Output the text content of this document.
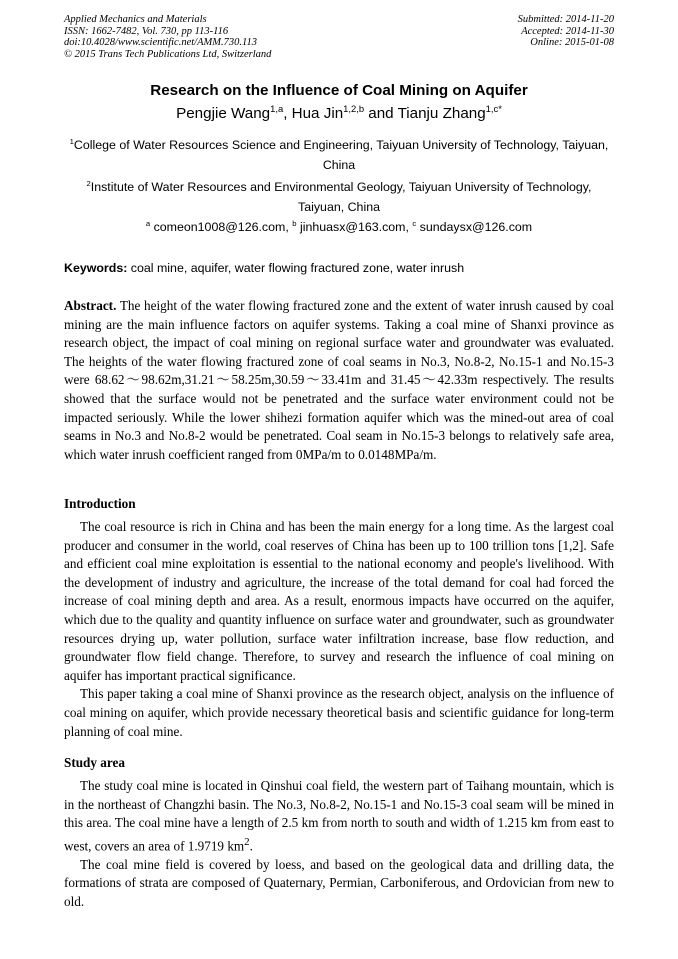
Applied Mechanics and Materials
ISSN: 1662-7482, Vol. 730, pp 113-116
doi:10.4028/www.scientific.net/AMM.730.113
© 2015 Trans Tech Publications Ltd, Switzerland
Submitted: 2014-11-20
Accepted: 2014-11-30
Online: 2015-01-08
Research on the Influence of Coal Mining on Aquifer
Pengjie Wang$^{1,a}$, Hua Jin$^{1,2,b}$ and Tianju Zhang$^{1,c*}$
$^1$College of Water Resources Science and Engineering, Taiyuan University of Technology, Taiyuan, China
$^2$Institute of Water Resources and Environmental Geology, Taiyuan University of Technology, Taiyuan, China
$^a$ comeon1008@126.com, $^b$ jinhuasx@163.com, $^c$ sundaysx@126.com
Keywords: coal mine, aquifer, water flowing fractured zone, water inrush
Abstract. The height of the water flowing fractured zone and the extent of water inrush caused by coal mining are the main influence factors on aquifer systems. Taking a coal mine of Shanxi province as research object, the impact of coal mining on regional surface water and groundwater was evaluated. The heights of the water flowing fractured zone of coal seams in No.3, No.8-2, No.15-1 and No.15-3 were 68.62～98.62m,31.21～58.25m,30.59～33.41m and 31.45～42.33m respectively. The results showed that the surface would not be penetrated and the surface water environment could not be impacted seriously. While the lower shihezi formation aquifer which was the mined-out area of coal seams in No.3 and No.8-2 would be penetrated. Coal seam in No.15-3 belongs to relatively safe area, which water inrush coefficient ranged from 0MPa/m to 0.0148MPa/m.
Introduction

The coal resource is rich in China and has been the main energy for a long time. As the largest coal producer and consumer in the world, coal reserves of China has been up to 100 trillion tons [1,2]. Safe and efficient coal mine exploitation is essential to the national economy and people's livelihood. With the development of industry and agriculture, the increase of the total demand for coal had forced the increase of coal mining depth and area. As a result, enormous impacts have occurred on the aquifer, which due to the quality and quantity influence on surface water and groundwater, such as groundwater resources drying up, water pollution, surface water infiltration increase, base flow reduction, and groundwater flow field change. Therefore, to survey and research the influence of coal mining on aquifer has important practical significance.

This paper taking a coal mine of Shanxi province as the research object, analysis on the influence of coal mining on aquifer, which provide necessary theoretical basis and scientific guidance for long-term planning of coal mine.

Study area

The study coal mine is located in Qinshui coal field, the western part of Taihang mountain, which is in the northeast of Changzhi basin. The No.3, No.8-2, No.15-1 and No.15-3 coal seam will be mined in this area. The coal mine have a length of 2.5 km from north to south and width of 1.215 km from east to west, covers an area of 1.9719 $km^2$.

The coal mine field is covered by loess, and based on the geological data and drilling data, the formations of strata are composed of Quaternary, Permian, Carboniferous, and Ordovician from new to old.
